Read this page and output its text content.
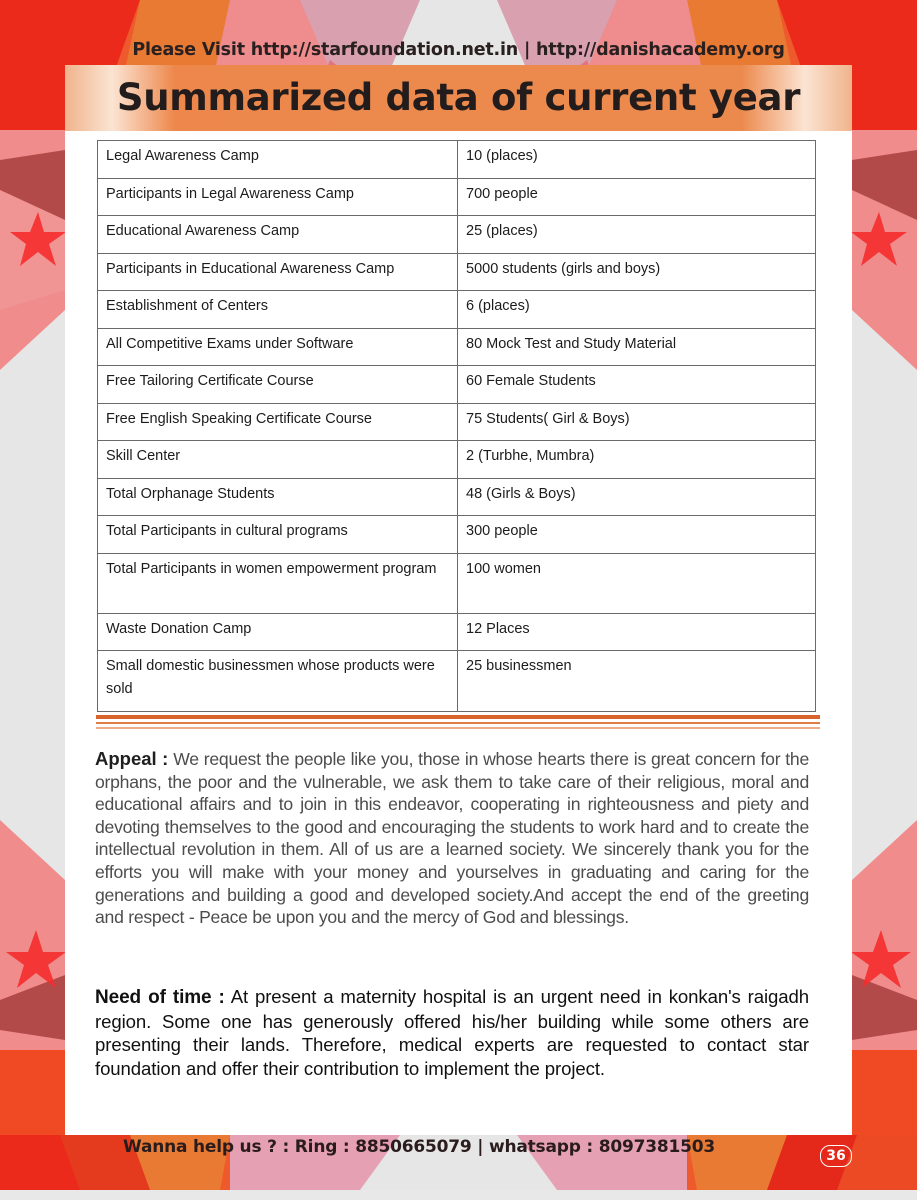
Please Visit http://starfoundation.net.in | http://danishacademy.org
Summarized data of current year
Legal Awareness Camp	10 (places)
Participants in Legal Awareness Camp	700 people
Educational Awareness Camp	25 (places)
Participants in Educational Awareness Camp	5000 students (girls and boys)
Establishment of Centers	6 (places)
All Competitive Exams under Software	80 Mock Test and Study Material
Free Tailoring Certificate Course	60 Female Students
Free English Speaking Certificate Course	75 Students( Girl & Boys)
Skill Center	2 (Turbhe, Mumbra)
Total Orphanage Students	48 (Girls & Boys)
Total Participants in cultural programs	300 people
Total Participants in women empowerment program	100 women
Waste Donation Camp	12 Places
Small domestic businessmen whose products were sold	25 businessmen

Appeal : We request the people like you, those in whose hearts there is great concern for the orphans, the poor and the vulnerable, we ask them to take care of their religious, moral and educational affairs and to join in this endeavor, cooperating in righteousness and piety and devoting themselves to the good and encouraging the students to work hard and to create the intellectual revolution in them. All of us are a learned society. We sincerely thank you for the efforts you will make with your money and yourselves in graduating and caring for the generations and building a good and developed society.And accept the end of the greeting and respect - Peace be upon you and the mercy of God and blessings.

Need of time : At present a maternity hospital is an urgent need in konkan's raigadh region. Some one has generously offered his/her building while some others are presenting their lands. Therefore, medical experts are requested to contact star foundation and offer their contribution to implement the project.

Wanna help us ? : Ring : 8850665079 | whatsapp : 8097381503	36
